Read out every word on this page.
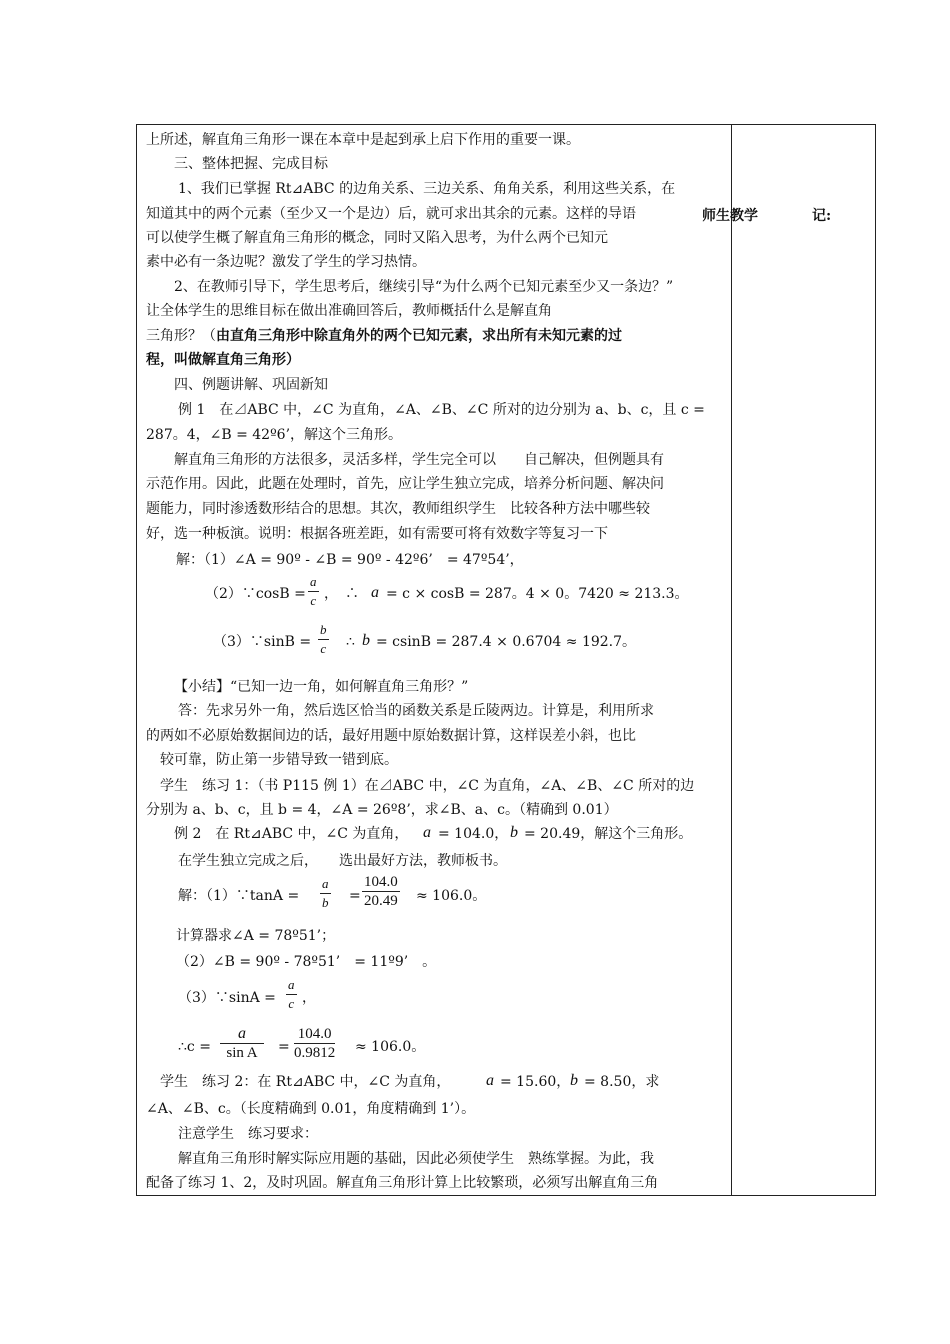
师生教学	记:
上所述，解直角三角形一课在本章中是起到承上启下作用的重要一课。
三、整体把握、完成目标
1、我们已掌握 Rt⊿ABC 的边角关系、三边关系、角角关系，利用这些关系，在
知道其中的两个元素（至少又一个是边）后，就可求出其余的元素。这样的导语
可以使学生概了解直角三角形的概念，同时又陷入思考，为什么两个已知元
素中必有一条边呢？激发了学生的学习热情。
2、在教师引导下，学生思考后，继续引导“为什么两个已知元素至少又一条边？”
让全体学生的思维目标在做出准确回答后，教师概括什么是解直角
三角形？（由直角三角形中除直角外的两个已知元素，求出所有未知元素的过
程，叫做解直角三角形）
四、例题讲解、巩固新知
例 1　在⊿ABC 中，∠C 为直角，∠A、∠B、∠C 所对的边分别为 a、b、c，且 c =
287。4，∠B = 42º6’，解这个三角形。
解直角三角形的方法很多，灵活多样，学生完全可以　　自己解决，但例题具有
示范作用。因此，此题在处理时，首先，应让学生独立完成，培养分析问题、解决问
题能力，同时渗透数形结合的思想。其次，教师组织学生　比较各种方法中哪些较
好，选一种板演。说明：根据各班差距，如有需要可将有效数字等复习一下
解：（1）∠A = 90º - ∠B = 90º - 42º6’　= 47º54’，
（2）∵cosB = $\frac{a}{c}$ ，　∴ a = c × cosB = 287。4 × 0。7420 ≈ 213.3。
（3）∵sinB = $\frac{b}{c}$ ∴ b = csinB = 287.4 × 0.6704 ≈ 192.7。
【小结】“已知一边一角，如何解直角三角形？”
答：先求另外一角，然后选区恰当的函数关系是丘陵两边。计算是，利用所求
的两如不必原始数据间边的话，最好用题中原始数据计算，这样误差小斜，也比
较可靠，防止第一步错导致一错到底。
学生　练习 1：（书 P115 例 1）在⊿ABC 中，∠C 为直角，∠A、∠B、∠C 所对的边
分别为 a、b、c，且 b = 4，∠A = 26º8’，求∠B、a、c。（精确到 0.01）
例 2　在 Rt⊿ABC 中，∠C 为直角， a = 104.0， b = 20.49，解这个三角形。
在学生独立完成之后，　　选出最好方法，教师板书。
解：（1）∵tanA = $\frac{a}{b} = \frac{104.0}{20.49} \approx 106.0$。
计算器求∠A = 78º51’；
（2）∠B = 90º - 78º51’　= 11º9’　。
（3）∵sinA = $\frac{a}{c}$ ，
∴c = $\frac{a}{\text{sin A}} = \frac{104.0}{0.9812} \approx 106.0$。
学生　练习 2：在 Rt⊿ABC 中，∠C 为直角， a = 15.60， b = 8.50，求
∠A、∠B、c。（长度精确到 0.01，角度精确到 1’）。
注意学生　练习要求：
解直角三角形时解实际应用题的基础，因此必须使学生　熟练掌握。为此，我
配备了练习 1、2，及时巩固。解直角三角形计算上比较繁琐，必须写出解直角三角
